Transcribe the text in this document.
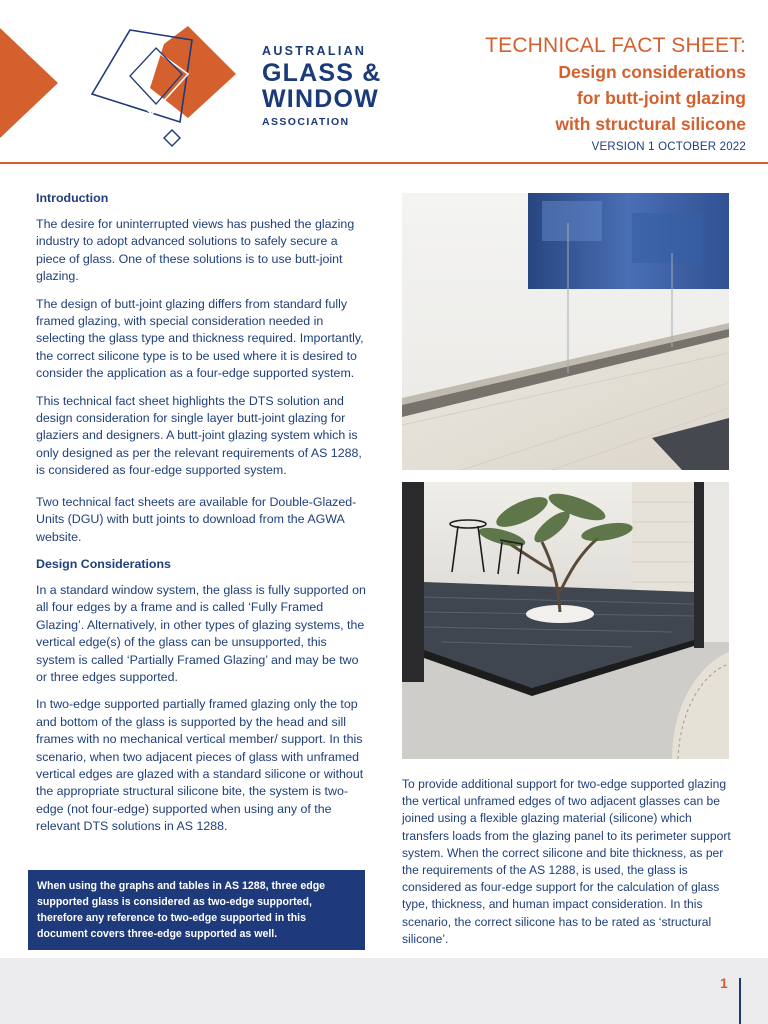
AUSTRALIAN
GLASS &
WINDOW
ASSOCIATION
TECHNICAL FACT SHEET:
Design considerations
for butt-joint glazing
with structural silicone
VERSION 1 OCTOBER 2022
Introduction

The desire for uninterrupted views has pushed the glazing industry to adopt advanced solutions to safely secure a piece of glass. One of these solutions is to use butt-joint glazing.

The design of butt-joint glazing differs from standard fully framed glazing, with special consideration needed in selecting the glass type and thickness required. Importantly, the correct silicone type is to be used where it is desired to consider the application as a four-edge supported system.

This technical fact sheet highlights the DTS solution and design consideration for single layer butt-joint glazing for glaziers and designers. A butt-joint glazing system which is only designed as per the relevant requirements of AS 1288, is considered as four-edge supported system.

Two technical fact sheets are available for Double-Glazed-Units (DGU) with butt joints to download from the AGWA website.

Design Considerations

In a standard window system, the glass is fully supported on all four edges by a frame and is called ‘Fully Framed Glazing’. Alternatively, in other types of glazing systems, the vertical edge(s) of the glass can be unsupported, this system is called ‘Partially Framed Glazing’ and may be two or three edges supported.

In two-edge supported partially framed glazing only the top and bottom of the glass is supported by the head and sill frames with no mechanical vertical member/ support. In this scenario, when two adjacent pieces of glass with unframed vertical edges are glazed with a standard silicone or without the appropriate structural silicone bite, the system is two-edge (not four-edge) supported when using any of the relevant DTS solutions in AS 1288.

When using the graphs and tables in AS 1288, three edge supported glass is considered as two-edge supported, therefore any reference to two-edge supported in this document covers three-edge supported as well.

To provide additional support for two-edge supported glazing the vertical unframed edges of two adjacent glasses can be joined using a flexible glazing material (silicone) which transfers loads from the glazing panel to its perimeter support system. When the correct silicone and bite thickness, as per the requirements of the AS 1288, is used, the glass is considered as four-edge support for the calculation of glass type, thickness, and human impact consideration. In this scenario, the correct silicone has to be rated as ‘structural silicone’.

1
